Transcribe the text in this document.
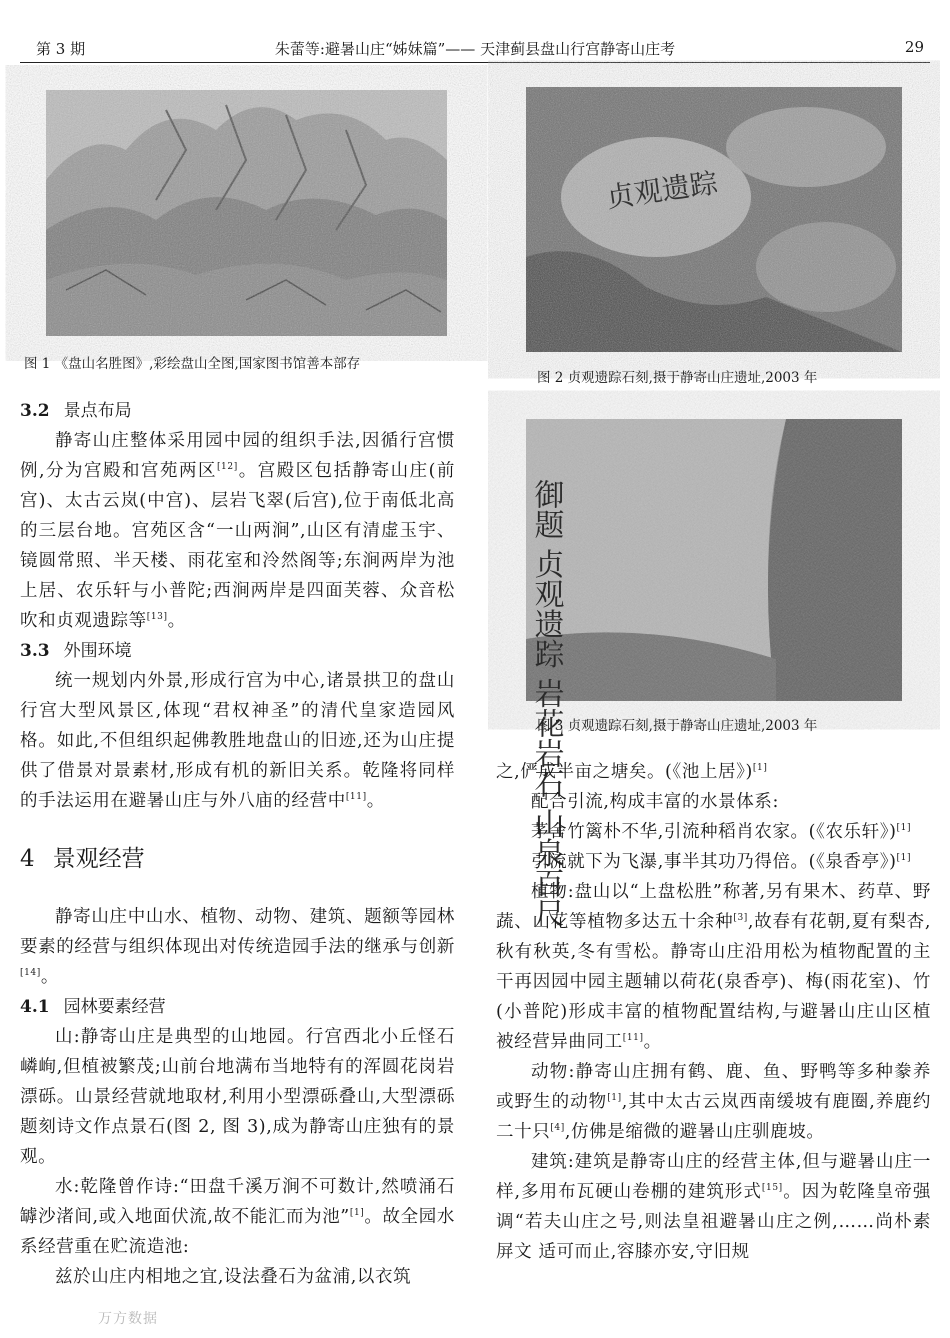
第 3 期	朱蕾等:避暑山庄“姊妹篇”—— 天津蓟县盘山行宫静寄山庄考	29
图 1 《盘山名胜图》,彩绘盘山全图,国家图书馆善本部存
贞观遗踪
图 2 贞观遗踪石刻,摄于静寄山庄遗址,2003 年
御题 贞观遗踪 岩花岩石 山泉百尺
图 3 贞观遗踪石刻,摄于静寄山庄遗址,2003 年

3.2 景点布局

静寄山庄整体采用园中园的组织手法,因循行宫惯例,分为宫殿和宫苑两区[12]。宫殿区包括静寄山庄(前宫)、太古云岚(中宫)、层岩飞翠(后宫),位于南低北高的三层台地。宫苑区含“一山两涧”,山区有清虚玉宇、镜圆常照、半天楼、雨花室和泠然阁等;东涧两岸为池上居、农乐轩与小普陀;西涧两岸是四面芙蓉、众音松吹和贞观遗踪等[13]。

3.3 外围环境

统一规划内外景,形成行宫为中心,诸景拱卫的盘山行宫大型风景区,体现“君权神圣”的清代皇家造园风格。如此,不但组织起佛教胜地盘山的旧迹,还为山庄提供了借景对景素材,形成有机的新旧关系。乾隆将同样的手法运用在避暑山庄与外八庙的经营中[11]。

4 景观经营

静寄山庄中山水、植物、动物、建筑、题额等园林要素的经营与组织体现出对传统造园手法的继承与创新[14]。

4.1 园林要素经营

山:静寄山庄是典型的山地园。行宫西北小丘怪石嶙峋,但植被繁茂;山前台地满布当地特有的浑圆花岗岩漂砾。山景经营就地取材,利用小型漂砾叠山,大型漂砾题刻诗文作点景石(图 2, 图 3),成为静寄山庄独有的景观。

水:乾隆曾作诗:“田盘千溪万涧不可数计,然喷涌石罅沙渚间,或入地面伏流,故不能汇而为池”[1]。故全园水系经营重在贮流造池:

兹於山庄内相地之宜,设法叠石为盆浦,以衣筑

万方数据

之,俨成半亩之塘矣。(《池上居》)[1]

配合引流,构成丰富的水景体系:

茅舍竹篱朴不华,引流种稻肖农家。(《农乐轩》)[1]

引流就下为飞瀑,事半其功乃得倍。(《泉香亭》)[1]

植物:盘山以“上盘松胜”称著,另有果木、药草、野蔬、山花等植物多达五十余种[3],故春有花朝,夏有梨杏,秋有秋英,冬有雪松。静寄山庄沿用松为植物配置的主干再因园中园主题辅以荷花(泉香亭)、梅(雨花室)、竹(小普陀)形成丰富的植物配置结构,与避暑山庄山区植被经营异曲同工[11]。

动物:静寄山庄拥有鹤、鹿、鱼、野鸭等多种豢养或野生的动物[1],其中太古云岚西南缓坡有鹿圈,养鹿约二十只[4],仿佛是缩微的避暑山庄驯鹿坡。

建筑:建筑是静寄山庄的经营主体,但与避暑山庄一样,多用布瓦硬山卷棚的建筑形式[15]。因为乾隆皇帝强调“若夫山庄之号,则法皇祖避暑山庄之例,……尚朴素屏文 适可而止,容膝亦安,守旧规
